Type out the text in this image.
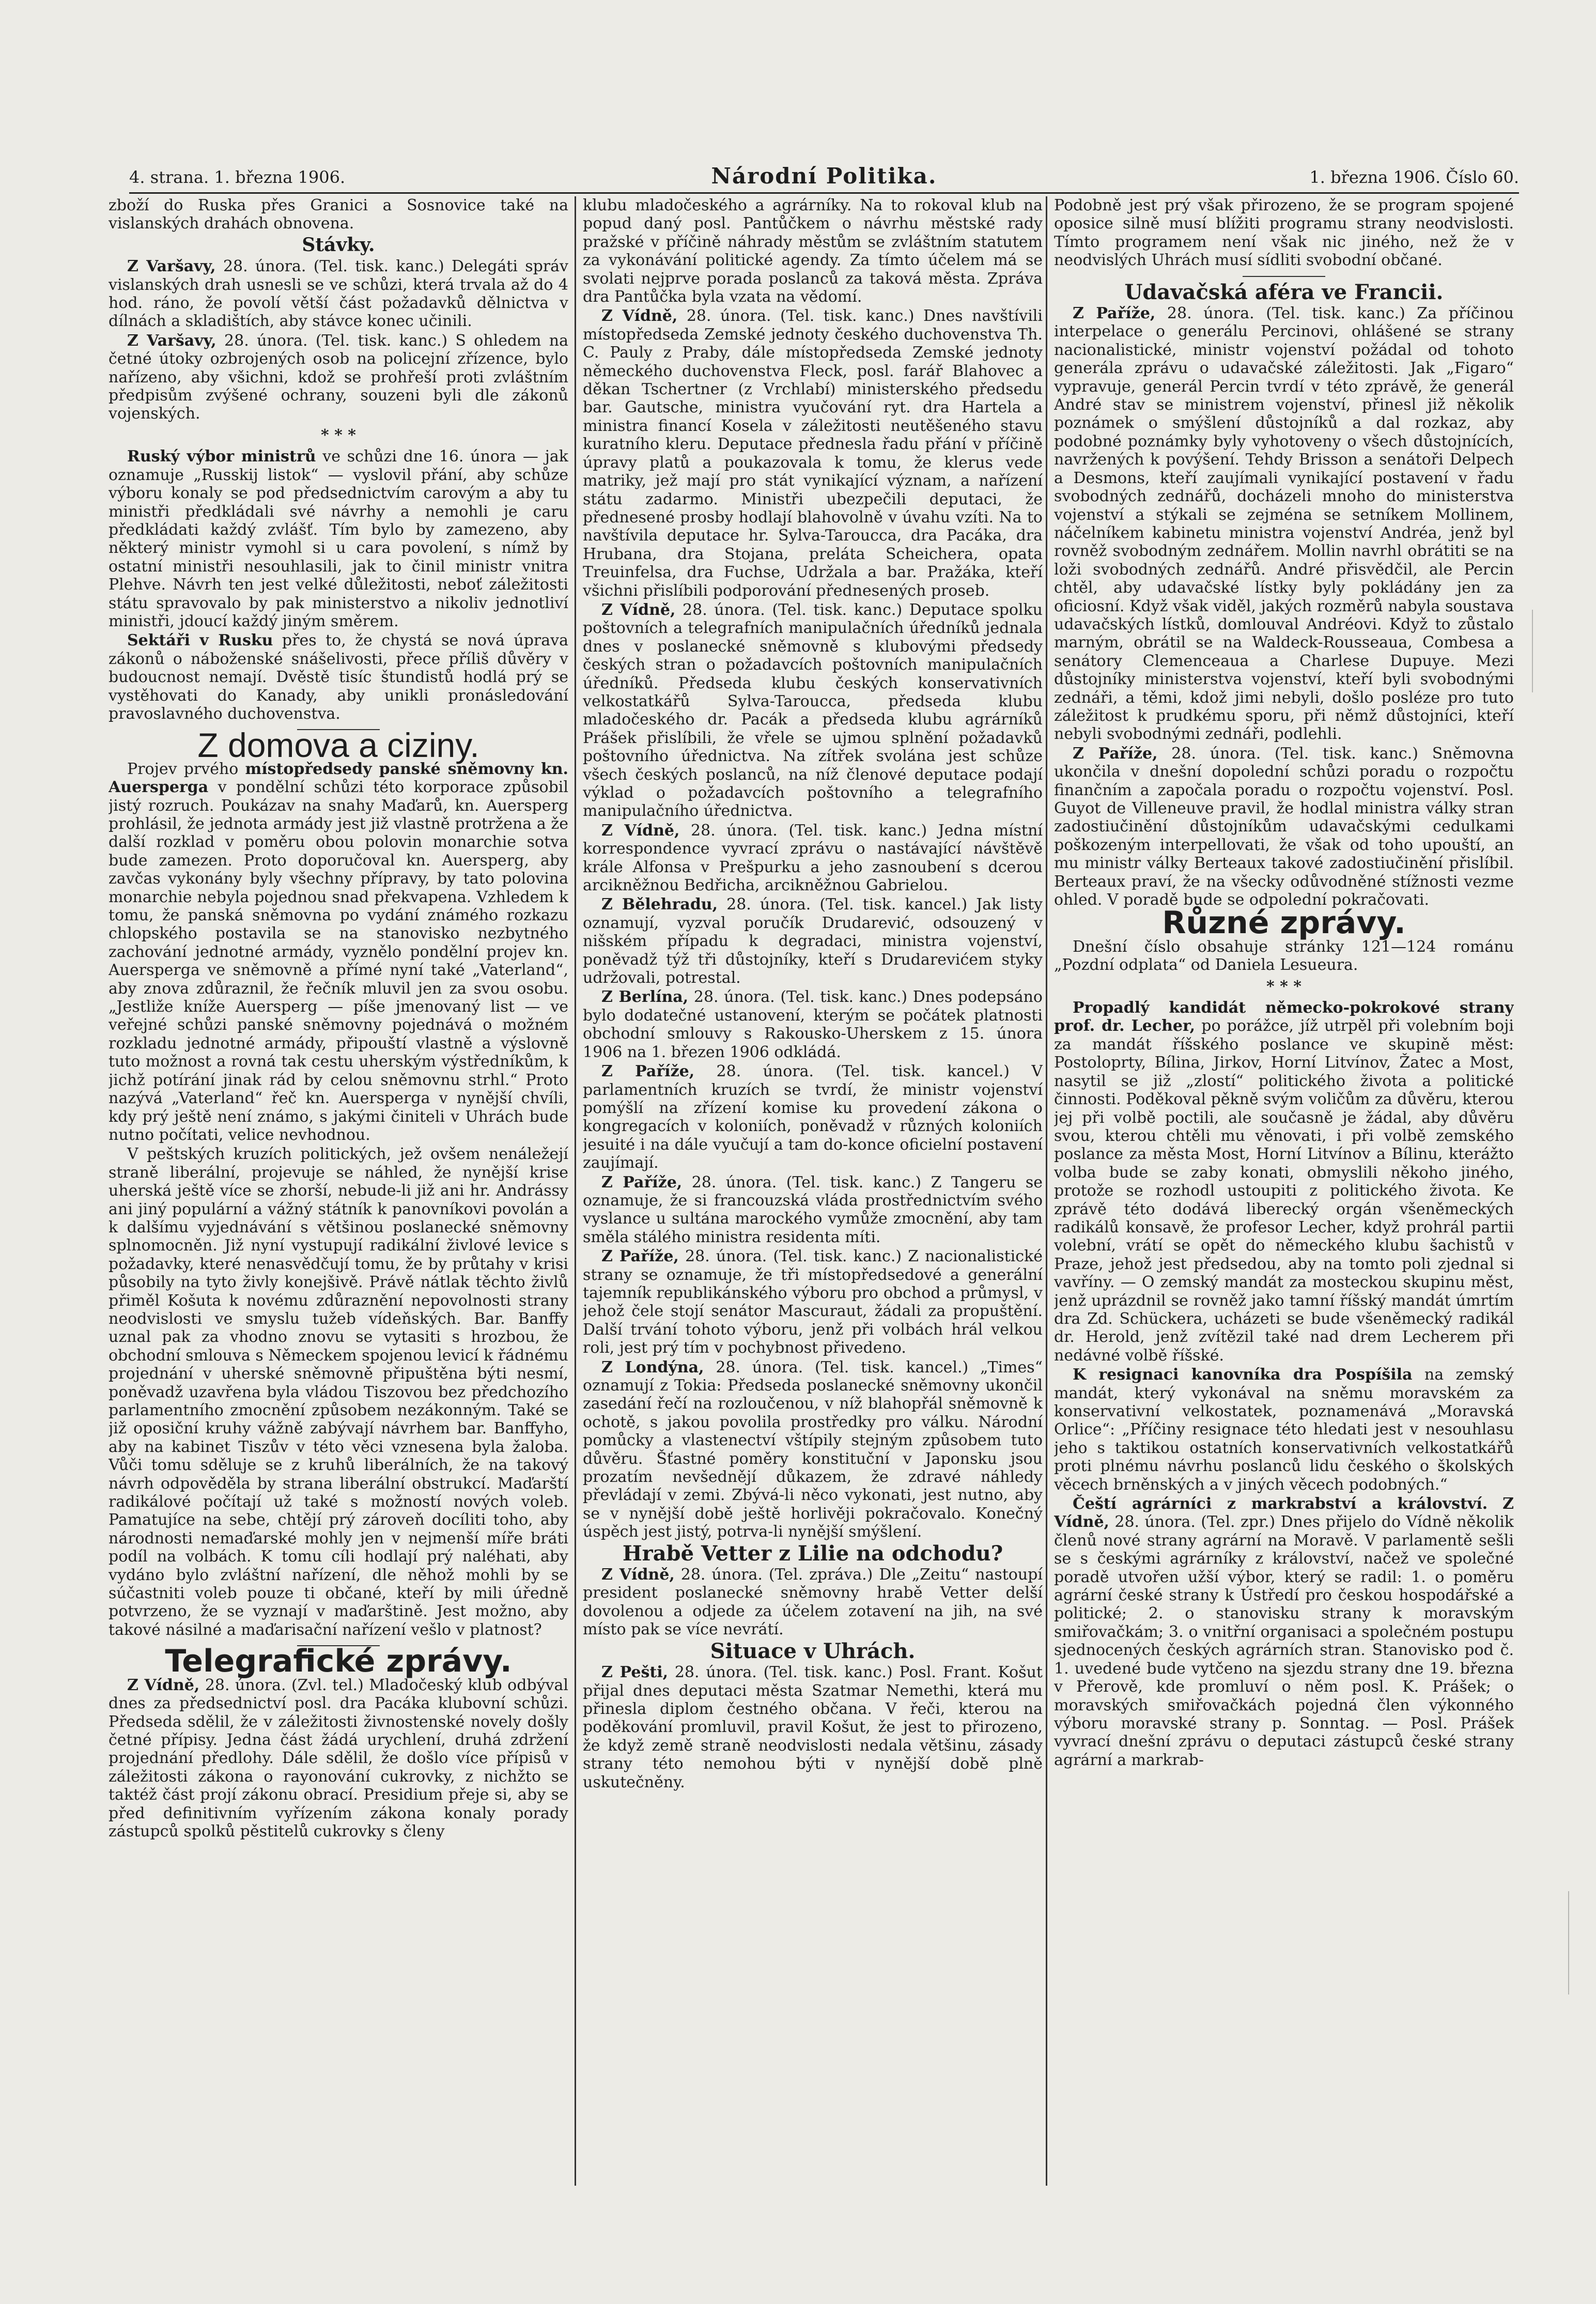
4. strana. 1. března 1906.	Národní Politika.	1. března 1906. Číslo 60.

zboží do Ruska přes Granici a Sosnovice také na vislanských drahách obnovena.

Stávky.

Z Varšavy, 28. února. (Tel. tisk. kanc.) Delegáti správ vislanských drah usnesli se ve schůzi, která trvala až do 4 hod. ráno, že povolí větší část požadavků dělnictva v dílnách a skladištích, aby stávce konec učinili.

Z Varšavy, 28. února. (Tel. tisk. kanc.) S ohledem na četné útoky ozbrojených osob na policejní zřízence, bylo nařízeno, aby všichni, kdož se prohřeší proti zvláštním předpisům zvýšené ochrany, souzeni byli dle zákonů vojenských.

* * *

Ruský výbor ministrů ve schůzi dne 16. února — jak oznamuje „Russkij listok“ — vyslovil přání, aby schůze výboru konaly se pod předsednictvím carovým a aby tu ministři předkládali své návrhy a nemohli je caru předkládati každý zvlášť. Tím bylo by zamezeno, aby některý ministr vymohl si u cara povolení, s nímž by ostatní ministři nesouhlasili, jak to činil ministr vnitra Plehve. Návrh ten jest velké důležitosti, neboť záležitosti státu spravovalo by pak ministerstvo a nikoliv jednotliví ministři, jdoucí každý jiným směrem.

Sektáři v Rusku přes to, že chystá se nová úprava zákonů o náboženské snášelivosti, přece příliš důvěry v budoucnost nemají. Dvěstě tisíc štundistů hodlá prý se vystěhovati do Kanady, aby unikli pronásledování pravoslavného duchovenstva.

Z domova a ciziny.

Projev prvého místopředsedy panské sněmovny kn. Auersperga v pondělní schůzi této korporace způsobil jistý rozruch. Poukázav na snahy Maďarů, kn. Auersperg prohlásil, že jednota armády jest již vlastně protržena a že další rozklad v poměru obou polovin monarchie sotva bude zamezen. Proto doporučoval kn. Auersperg, aby zavčas vykonány byly všechny přípravy, by tato polovina monarchie nebyla pojednou snad překvapena. Vzhledem k tomu, že panská sněmovna po vydání známého rozkazu chlopského postavila se na stanovisko nezbytného zachování jednotné armády, vyznělo pondělní projev kn. Auersperga ve sněmovně a přímé nyní také „Vaterland“, aby znova zdůraznil, že řečník mluvil jen za svou osobu. „Jestliže kníže Auersperg — píše jmenovaný list — ve veřejné schůzi panské sněmovny pojednává o možném rozkladu jednotné armády, připouští vlastně a výslovně tuto možnost a rovná tak cestu uherským výstředníkům, k jichž potírání jinak rád by celou sněmovnu strhl.“ Proto nazývá „Vaterland“ řeč kn. Auersperga v nynější chvíli, kdy prý ještě není známo, s jakými činiteli v Uhrách bude nutno počítati, velice nevhodnou.

V peštských kruzích politických, jež ovšem nenáležejí straně liberální, projevuje se náhled, že nynější krise uherská ještě více se zhorší, nebude-li již ani hr. Andrássy ani jiný populární a vážný státník k panovníkovi povolán a k dalšímu vyjednávání s většinou poslanecké sněmovny splnomocněn. Již nyní vystupují radikální živlové levice s požadavky, které nenasvědčují tomu, že by průtahy v krisi působily na tyto živly konejšivě. Právě nátlak těchto živlů přiměl Košuta k novému zdůraznění nepovolnosti strany neodvislosti ve smyslu tužeb vídeňských. Bar. Banffy uznal pak za vhodno znovu se vytasiti s hrozbou, že obchodní smlouva s Německem spojenou levicí k řádnému projednání v uherské sněmovně připuštěna býti nesmí, poněvadž uzavřena byla vládou Tiszovou bez předchozího parlamentního zmocnění způsobem nezákonným. Také se již oposiční kruhy vážně zabývají návrhem bar. Banffyho, aby na kabinet Tiszův v této věci vznesena byla žaloba. Vůči tomu sděluje se z kruhů liberálních, že na takový návrh odpověděla by strana liberální obstrukcí. Maďarští radikálové počítají už také s možností nových voleb. Pamatujíce na sebe, chtějí prý zároveň docíliti toho, aby národnosti nemaďarské mohly jen v nejmenší míře bráti podíl na volbách. K tomu cíli hodlají prý naléhati, aby vydáno bylo zvláštní nařízení, dle něhož mohli by se súčastniti voleb pouze ti občané, kteří by mili úředně potvrzeno, že se vyznají v maďarštině. Jest možno, aby takové násilné a maďarisační nařízení vešlo v platnost?

Telegrafické zprávy.

Z Vídně, 28. února. (Zvl. tel.) Mladočeský klub odbýval dnes za předsednictví posl. dra Pacáka klubovní schůzi. Předseda sdělil, že v záležitosti živnostenské novely došly četné přípisy. Jedna část žádá urychlení, druhá zdržení projednání předlohy. Dále sdělil, že došlo více přípisů v záležitosti zákona o rayonování cukrovky, z nichžto se taktéž část projí zákonu obrací. Presidium přeje si, aby se před definitivním vyřízením zákona konaly porady zástupců spolků pěstitelů cukrovky s členy

klubu mladočeského a agrárníky. Na to rokoval klub na popud daný posl. Pantůčkem o návrhu městské rady pražské v příčině náhrady městům se zvláštním statutem za vykonávání politické agendy. Za tímto účelem má se svolati nejprve porada poslanců za taková města. Zpráva dra Pantůčka byla vzata na vědomí.

Z Vídně, 28. února. (Tel. tisk. kanc.) Dnes navštívili místopředseda Zemské jednoty českého duchovenstva Th. C. Pauly z Praby, dále místopředseda Zemské jednoty německého duchovenstva Fleck, posl. farář Blahovec a děkan Tschertner (z Vrchlabí) ministerského předsedu bar. Gautsche, ministra vyučování ryt. dra Hartela a ministra financí Kosela v záležitosti neutěšeného stavu kuratního kleru. Deputace přednesla řadu přání v příčině úpravy platů a poukazovala k tomu, že klerus vede matriky, jež mají pro stát vynikající význam, a nařízení státu zadarmo. Ministři ubezpečili deputaci, že přednesené prosby hodlají blahovolně v úvahu vzíti. Na to navštívila deputace hr. Sylva-Taroucca, dra Pacáka, dra Hrubana, dra Stojana, preláta Scheichera, opata Treuinfelsa, dra Fuchse, Udržala a bar. Pražáka, kteří všichni přislíbili podporování přednesených proseb.

Z Vídně, 28. února. (Tel. tisk. kanc.) Deputace spolku poštovních a telegrafních manipulačních úředníků jednala dnes v poslanecké sněmovně s klubovými předsedy českých stran o požadavcích poštovních manipulačních úředníků. Předseda klubu českých konservativních velkostatkářů Sylva-Taroucca, předseda klubu mladočeského dr. Pacák a předseda klubu agrárníků Prášek přislíbili, že vřele se ujmou splnění požadavků poštovního úřednictva. Na zítřek svolána jest schůze všech českých poslanců, na níž členové deputace podají výklad o požadavcích poštovního a telegrafního manipulačního úřednictva.

Z Vídně, 28. února. (Tel. tisk. kanc.) Jedna místní korrespondence vyvrací zprávu o nastávající návštěvě krále Alfonsa v Prešpurku a jeho zasnoubení s dcerou arcikněžnou Bedřicha, arcikněžnou Gabrielou.

Z Bělehradu, 28. února. (Tel. tisk. kancel.) Jak listy oznamují, vyzval poručík Drudarević, odsouzený v nišském případu k degradaci, ministra vojenství, poněvadž týž tři důstojníky, kteří s Drudarevićem styky udržovali, potrestal.

Z Berlína, 28. února. (Tel. tisk. kanc.) Dnes podepsáno bylo dodatečné ustanovení, kterým se počátek platnosti obchodní smlouvy s Rakousko-Uherskem z 15. února 1906 na 1. březen 1906 odkládá.

Z Paříže, 28. února. (Tel. tisk. kancel.) V parlamentních kruzích se tvrdí, že ministr vojenství pomýšlí na zřízení komise ku provedení zákona o kongregacích v koloniích, poněvadž v různých koloniích jesuité i na dále vyučují a tam do-konce oficielní postavení zaujímají.

Z Paříže, 28. února. (Tel. tisk. kanc.) Z Tangeru se oznamuje, že si francouzská vláda prostřednictvím svého vyslance u sultána marockého vymůže zmocnění, aby tam směla stálého ministra residenta míti.

Z Paříže, 28. února. (Tel. tisk. kanc.) Z nacionalistické strany se oznamuje, že tři místopředsedové a generální tajemník republikánského výboru pro obchod a průmysl, v jehož čele stojí senátor Mascuraut, žádali za propuštění. Další trvání tohoto výboru, jenž při volbách hrál velkou roli, jest prý tím v pochybnost přivedeno.

Z Londýna, 28. února. (Tel. tisk. kancel.) „Times“ oznamují z Tokia: Předseda poslanecké sněmovny ukončil zasedání řečí na rozloučenou, v níž blahopřál sněmovně k ochotě, s jakou povolila prostředky pro válku. Národní pomůcky a vlastenectví vštípily stejným způsobem tuto důvěru. Šťastné poměry konstituční v Japonsku jsou prozatím nevšednějí důkazem, že zdravé náhledy převládají v zemi. Zbývá-li něco vykonati, jest nutno, aby se v nynější době ještě horlivěji pokračovalo. Konečný úspěch jest jistý, potrva-li nynější smýšlení.

Hrabě Vetter z Lilie na odchodu?

Z Vídně, 28. února. (Tel. zpráva.) Dle „Zeitu“ nastoupí president poslanecké sněmovny hrabě Vetter delší dovolenou a odjede za účelem zotavení na jih, na své místo pak se více nevrátí.

Situace v Uhrách.

Z Pešti, 28. února. (Tel. tisk. kanc.) Posl. Frant. Košut přijal dnes deputaci města Szatmar Nemethi, která mu přinesla diplom čestného občana. V řeči, kterou na poděkování promluvil, pravil Košut, že jest to přirozeno, že když země straně neodvislosti nedala většinu, zásady strany této nemohou býti v nynější době plně uskutečněny.

Podobně jest prý však přirozeno, že se program spojené oposice silně musí blížiti programu strany neodvislosti. Tímto programem není však nic jiného, než že v neodvislých Uhrách musí sídliti svobodní občané.

Udavačská aféra ve Francii.

Z Paříže, 28. února. (Tel. tisk. kanc.) Za příčinou interpelace o generálu Percinovi, ohlášené se strany nacionalistické, ministr vojenství požádal od tohoto generála zprávu o udavačské záležitosti. Jak „Figaro“ vypravuje, generál Percin tvrdí v této zprávě, že generál André stav se ministrem vojenství, přinesl již několik poznámek o smýšlení důstojníků a dal rozkaz, aby podobné poznámky byly vyhotoveny o všech důstojnících, navržených k povýšení. Tehdy Brisson a senátoři Delpech a Desmons, kteří zaujímali vynikající postavení v řadu svobodných zednářů, docházeli mnoho do ministerstva vojenství a stýkali se zejména se setníkem Mollinem, náčelníkem kabinetu ministra vojenství Andréa, jenž byl rovněž svobodným zednářem. Mollin navrhl obrátiti se na loži svobodných zednářů. André přisvědčil, ale Percin chtěl, aby udavačské lístky byly pokládány jen za oficiosní. Když však viděl, jakých rozměrů nabyla soustava udavačských lístků, domlouval Andréovi. Když to zůstalo marným, obrátil se na Waldeck-Rousseaua, Combesa a senátory Clemenceaua a Charlese Dupuye. Mezi důstojníky ministerstva vojenství, kteří byli svobodnými zednáři, a těmi, kdož jimi nebyli, došlo posléze pro tuto záležitost k prudkému sporu, při němž důstojníci, kteří nebyli svobodnými zednáři, podlehli.

Z Paříže, 28. února. (Tel. tisk. kanc.) Sněmovna ukončila v dnešní dopolední schůzi poradu o rozpočtu finančním a započala poradu o rozpočtu vojenství. Posl. Guyot de Villeneuve pravil, že hodlal ministra války stran zadostiučinění důstojníkům udavačskými cedulkami poškozeným interpellovati, že však od toho upouští, an mu ministr války Berteaux takové zadostiučinění přislíbil. Berteaux praví, že na všecky odůvodněné stížnosti vezme ohled. V poradě bude se odpolední pokračovati.

Různé zprávy.

Dnešní číslo obsahuje stránky 121—124 románu „Pozdní odplata“ od Daniela Lesueura.

* * *

Propadlý kandidát německo-pokrokové strany prof. dr. Lecher, po porážce, jíž utrpěl při volebním boji za mandát říšského poslance ve skupině měst: Postoloprty, Bílina, Jirkov, Horní Litvínov, Žatec a Most, nasytil se již „zlostí“ politického života a politické činnosti. Poděkoval pěkně svým voličům za důvěru, kterou jej při volbě poctili, ale současně je žádal, aby důvěru svou, kterou chtěli mu věnovati, i při volbě zemského poslance za města Most, Horní Litvínov a Bílinu, kterážto volba bude se zaby konati, obmyslili někoho jiného, protože se rozhodl ustoupiti z politického života. Ke zprávě této dodává liberecký orgán všeněmeckých radikálů konsavě, že profesor Lecher, když prohrál partii volební, vrátí se opět do německého klubu šachistů v Praze, jehož jest předsedou, aby na tomto poli zjednal si vavříny. — O zemský mandát za mosteckou skupinu měst, jenž uprázdnil se rovněž jako tamní říšský mandát úmrtím dra Zd. Schückera, ucházeti se bude všeněmecký radikál dr. Herold, jenž zvítězil také nad drem Lecherem při nedávné volbě říšské.

K resignaci kanovníka dra Pospíšila na zemský mandát, který vykonával na sněmu moravském za konservativní velkostatek, poznamenává „Moravská Orlice“: „Příčiny resignace této hledati jest v nesouhlasu jeho s taktikou ostatních konservativních velkostatkářů proti plnému návrhu poslanců lidu českého o školských věcech brněnských a v jiných věcech podobných.“

Čeští agrárníci z markrabství a království. Z Vídně, 28. února. (Tel. zpr.) Dnes přijelo do Vídně několik členů nové strany agrární na Moravě. V parlamentě sešli se s českými agrárníky z království, načež ve společné poradě utvořen užší výbor, který se radil: 1. o poměru agrární české strany k Ústředí pro českou hospodářské a politické; 2. o stanovisku strany k moravským smiřovačkám; 3. o vnitřní organisaci a společném postupu sjednocených českých agrárních stran. Stanovisko pod č. 1. uvedené bude vytčeno na sjezdu strany dne 19. března v Přerově, kde promluví o něm posl. K. Prášek; o moravských smiřovačkách pojedná člen výkonného výboru moravské strany p. Sonntag. — Posl. Prášek vyvrací dnešní zprávu o deputaci zástupců české strany agrární a markrab-
